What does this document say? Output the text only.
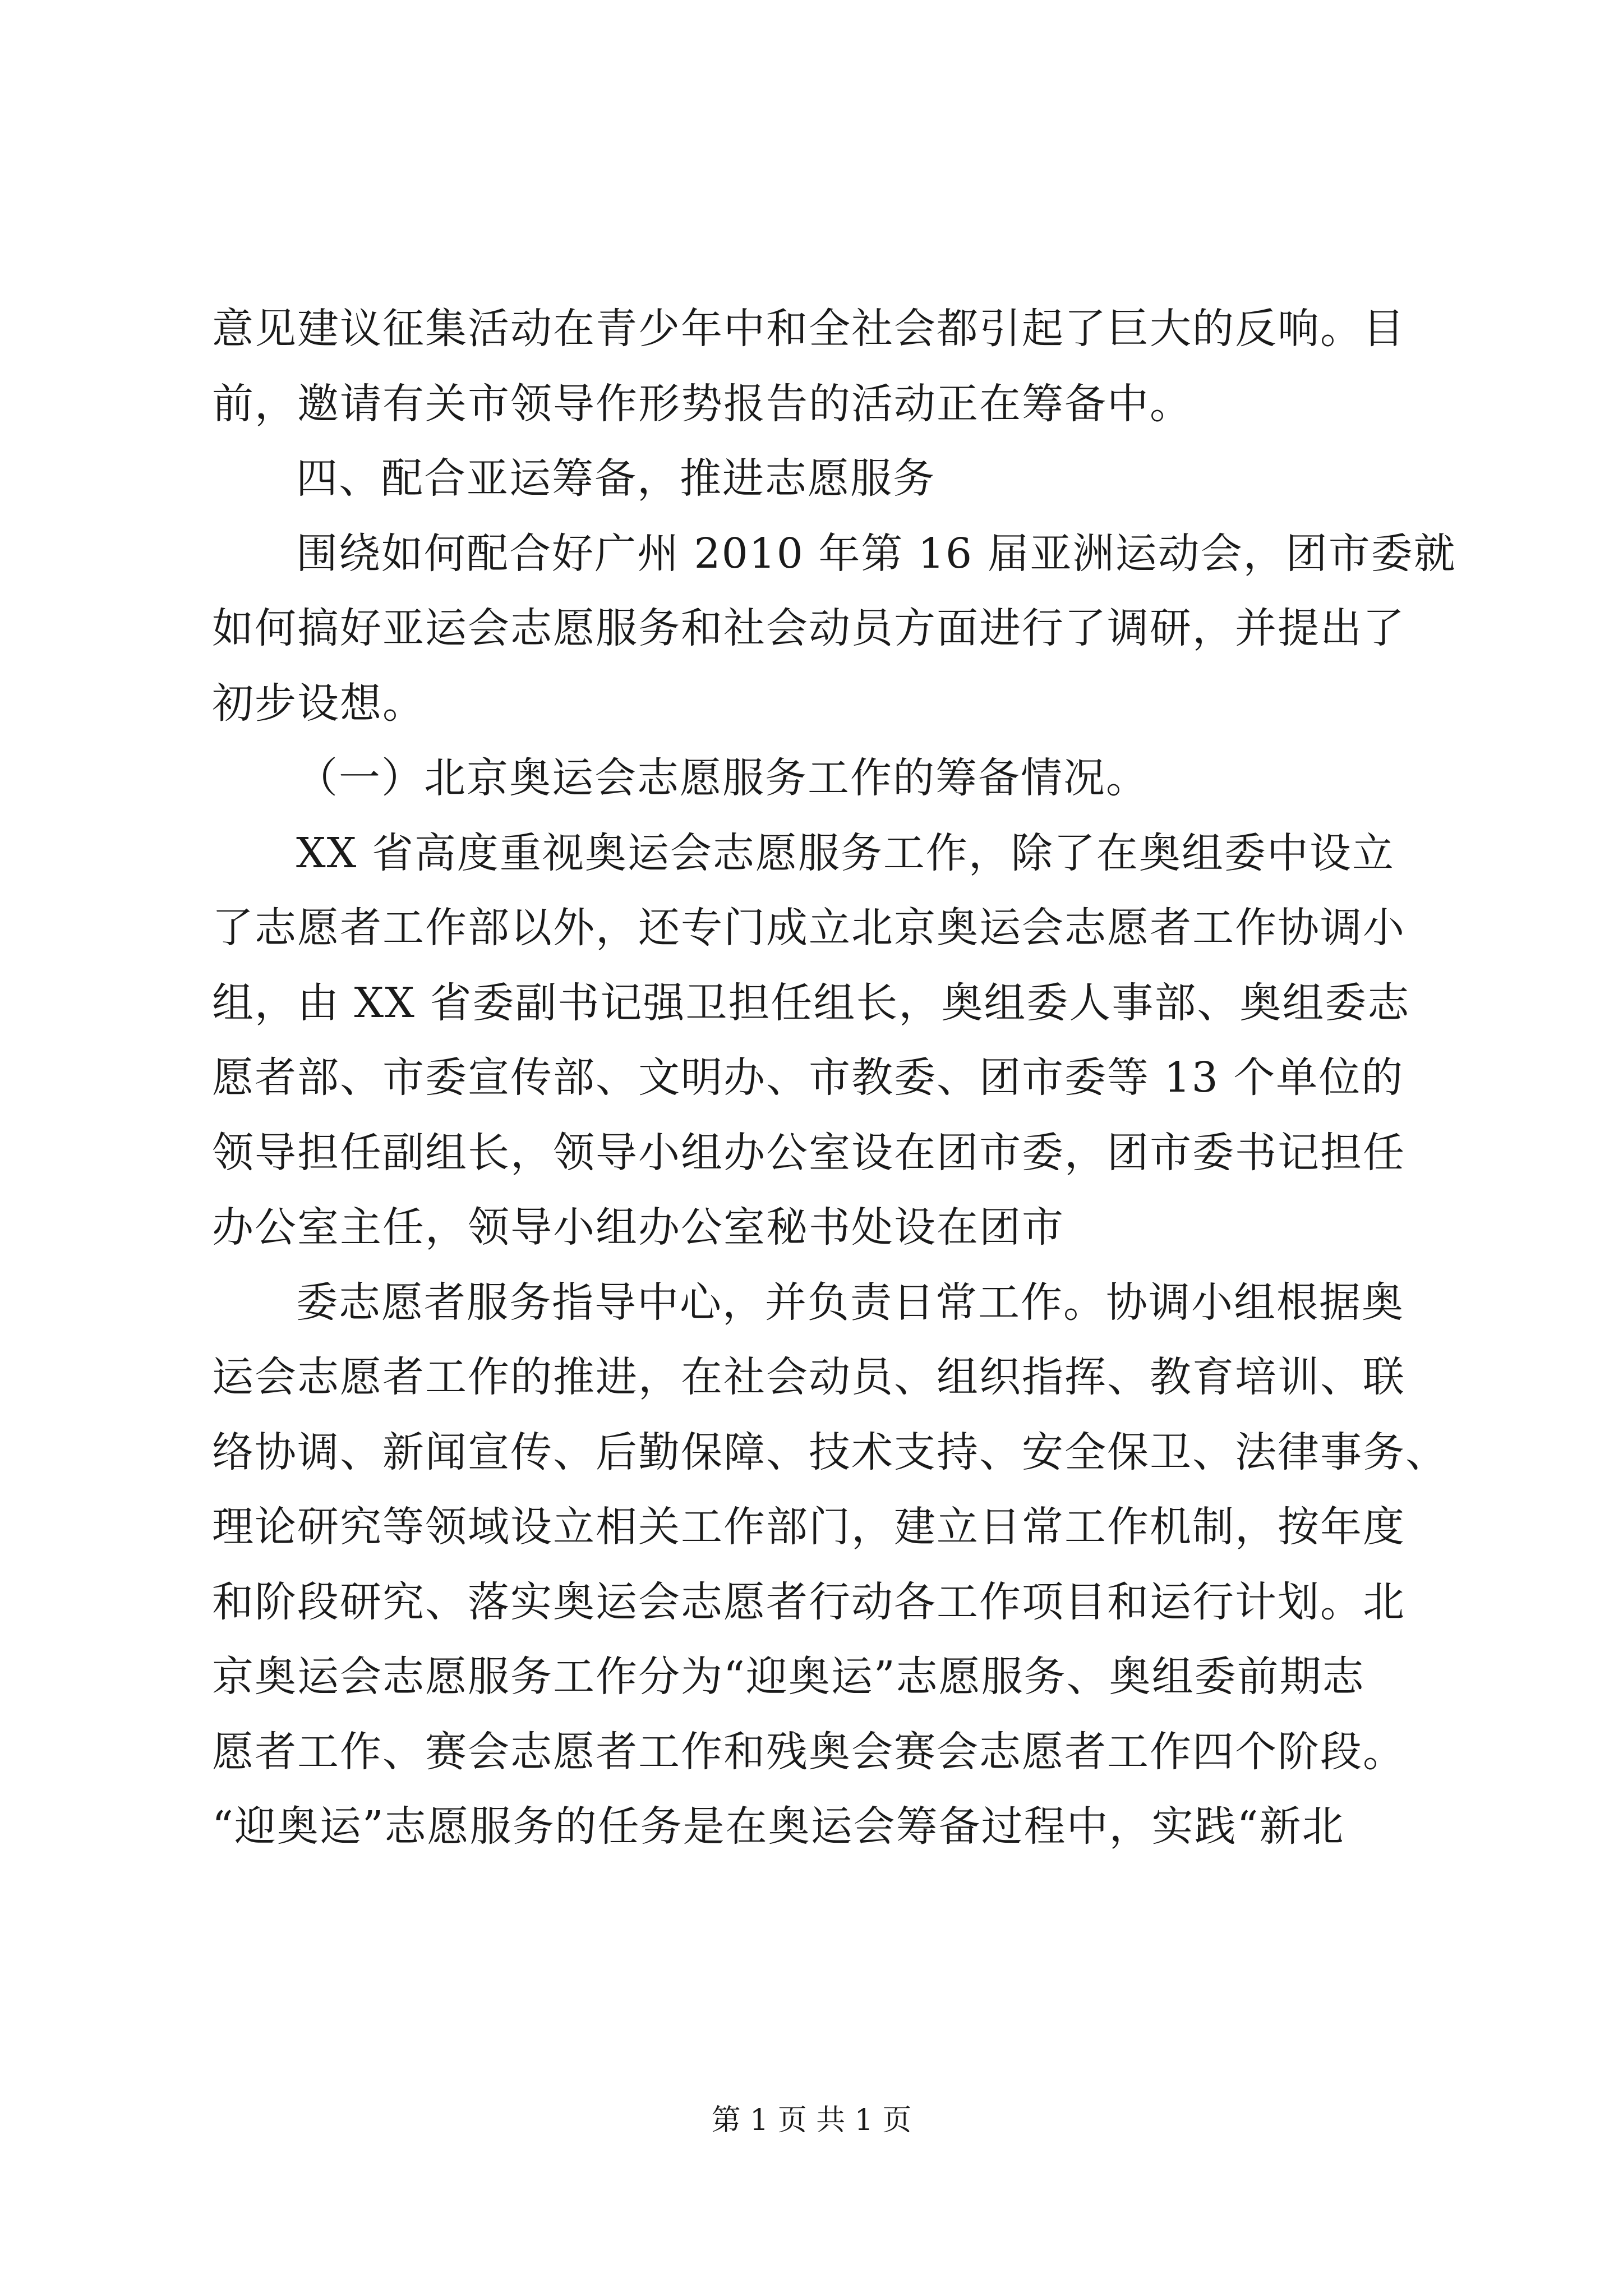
意见建议征集活动在青少年中和全社会都引起了巨大的反响。目
前，邀请有关市领导作形势报告的活动正在筹备中。
四、配合亚运筹备，推进志愿服务
围绕如何配合好广州 2010 年第 16 届亚洲运动会，团市委就
如何搞好亚运会志愿服务和社会动员方面进行了调研，并提出了
初步设想。
（一）北京奥运会志愿服务工作的筹备情况。
XX 省高度重视奥运会志愿服务工作，除了在奥组委中设立
了志愿者工作部以外，还专门成立北京奥运会志愿者工作协调小
组，由 XX 省委副书记强卫担任组长，奥组委人事部、奥组委志
愿者部、市委宣传部、文明办、市教委、团市委等 13 个单位的
领导担任副组长，领导小组办公室设在团市委，团市委书记担任
办公室主任，领导小组办公室秘书处设在团市
委志愿者服务指导中心，并负责日常工作。协调小组根据奥
运会志愿者工作的推进，在社会动员、组织指挥、教育培训、联
络协调、新闻宣传、后勤保障、技术支持、安全保卫、法律事务、
理论研究等领域设立相关工作部门，建立日常工作机制，按年度
和阶段研究、落实奥运会志愿者行动各工作项目和运行计划。北
京奥运会志愿服务工作分为“迎奥运”志愿服务、奥组委前期志
愿者工作、赛会志愿者工作和残奥会赛会志愿者工作四个阶段。
“迎奥运”志愿服务的任务是在奥运会筹备过程中，实践“新北
第 1 页 共 1 页
